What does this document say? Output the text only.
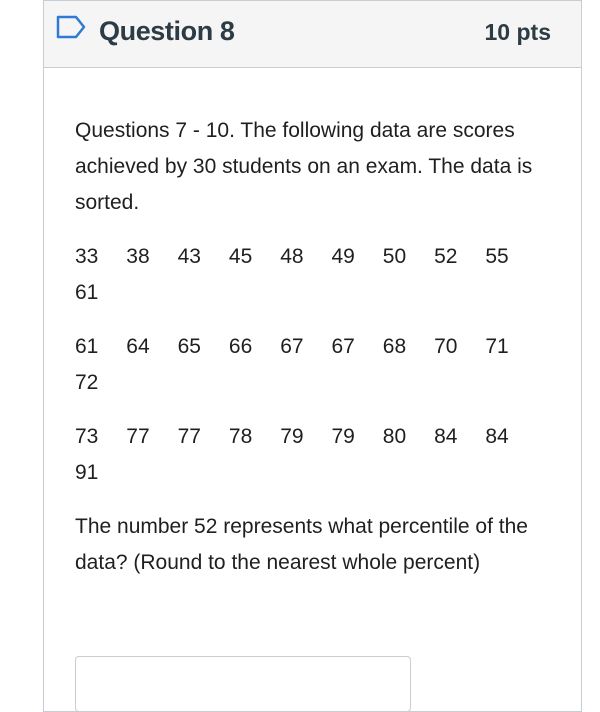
Question 8	10 pts

Questions 7 - 10. The following data are scores achieved by 30 students on an exam. The data is sorted.

33	38	43	45	48	49	50	52	55
61
61	64	65	66	67	67	68	70	71
72
73	77	77	78	79	79	80	84	84
91

The number 52 represents what percentile of the data? (Round to the nearest whole percent)
